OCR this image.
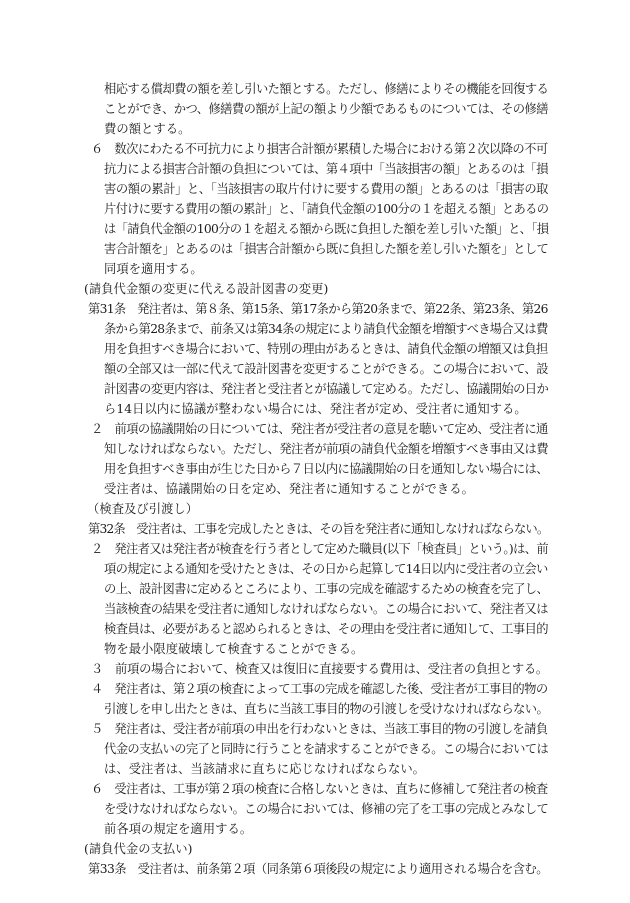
相応する償却費の額を差し引いた額とする。ただし、修繕によりその機能を回復する
ことができ、かつ、修繕費の額が上記の額より少額であるものについては、その修繕
費の額とする。
６　数次にわたる不可抗力により損害合計額が累積した場合における第２次以降の不可
抗力による損害合計額の負担については、第４項中「当該損害の額」とあるのは「損
害の額の累計」と、「当該損害の取片付けに要する費用の額」とあるのは「損害の取
片付けに要する費用の額の累計」と、「請負代金額の100分の１を超える額」とあるの
は「請負代金額の100分の１を超える額から既に負担した額を差し引いた額」と、「損
害合計額を」とあるのは「損害合計額から既に負担した額を差し引いた額を」として
同項を適用する。
(請負代金額の変更に代える設計図書の変更)
第31条　発注者は、第８条、第15条、第17条から第20条まで、第22条、第23条、第26
条から第28条まで、前条又は第34条の規定により請負代金額を増額すべき場合又は費
用を負担すべき場合において、特別の理由があるときは、請負代金額の増額又は負担
額の全部又は一部に代えて設計図書を変更することができる。この場合において、設
計図書の変更内容は、発注者と受注者とが協議して定める。ただし、協議開始の日か
ら14日以内に協議が整わない場合には、発注者が定め、受注者に通知する。
２　前項の協議開始の日については、発注者が受注者の意見を聴いて定め、受注者に通
知しなければならない。ただし、発注者が前項の請負代金額を増額すべき事由又は費
用を負担すべき事由が生じた日から７日以内に協議開始の日を通知しない場合には、
受注者は、協議開始の日を定め、発注者に通知することができる。
（検査及び引渡し）
第32条　受注者は、工事を完成したときは、その旨を発注者に通知しなければならない。
２　発注者又は発注者が検査を行う者として定めた職員(以下「検査員」という。)は、前
項の規定による通知を受けたときは、その日から起算して14日以内に受注者の立会い
の上、設計図書に定めるところにより、工事の完成を確認するための検査を完了し、
当該検査の結果を受注者に通知しなければならない。この場合において、発注者又は
検査員は、必要があると認められるときは、その理由を受注者に通知して、工事目的
物を最小限度破壊して検査することができる。
３　前項の場合において、検査又は復旧に直接要する費用は、受注者の負担とする。
４　発注者は、第２項の検査によって工事の完成を確認した後、受注者が工事目的物の
引渡しを申し出たときは、直ちに当該工事目的物の引渡しを受けなければならない。
５　発注者は、受注者が前項の申出を行わないときは、当該工事目的物の引渡しを請負
代金の支払いの完了と同時に行うことを請求することができる。この場合においては
は、受注者は、当該請求に直ちに応じなければならない。
６　受注者は、工事が第２項の検査に合格しないときは、直ちに修補して発注者の検査
を受けなければならない。この場合においては、修補の完了を工事の完成とみなして
前各項の規定を適用する。
(請負代金の支払い)
第33条　受注者は、前条第２項（同条第６項後段の規定により適用される場合を含む。
